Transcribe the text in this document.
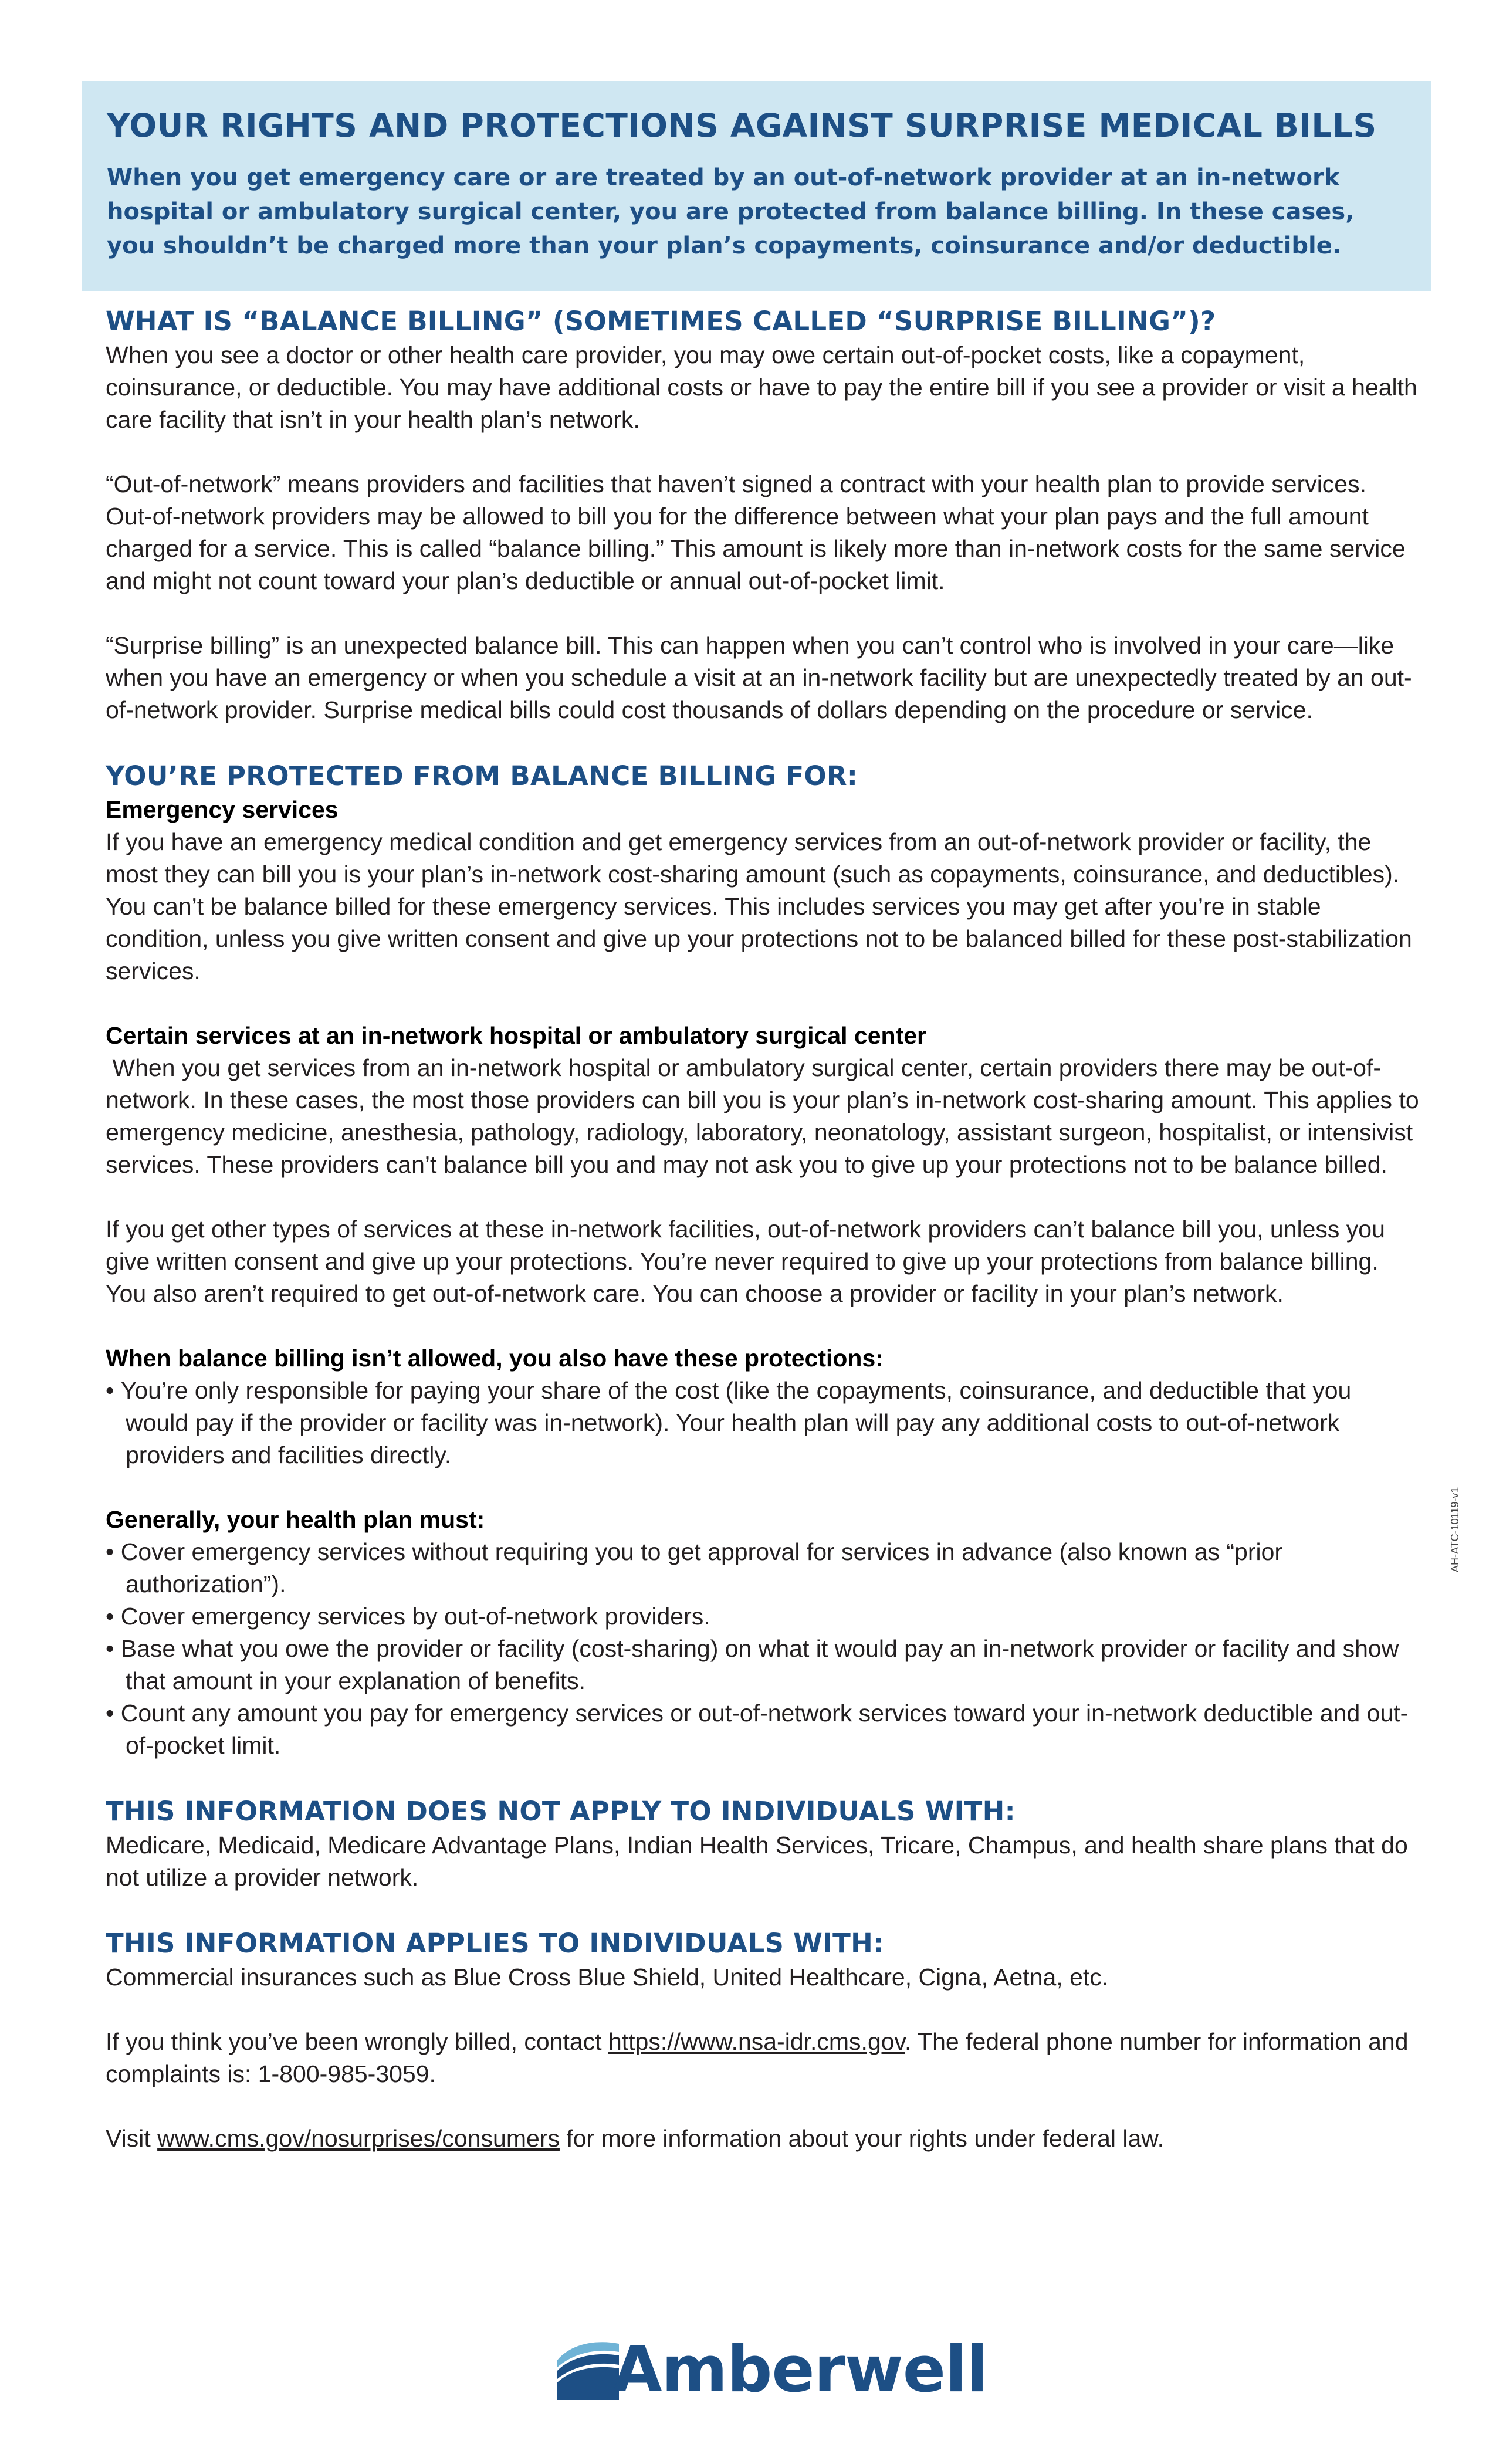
YOUR RIGHTS AND PROTECTIONS AGAINST SURPRISE MEDICAL BILLS

When you get emergency care or are treated by an out-of-network provider at an in-network hospital or ambulatory surgical center, you are protected from balance billing. In these cases, you shouldn’t be charged more than your plan’s copayments, coinsurance and/or deductible.

WHAT IS “BALANCE BILLING” (SOMETIMES CALLED “SURPRISE BILLING”)?

When you see a doctor or other health care provider, you may owe certain out-of-pocket costs, like a copayment, coinsurance, or deductible. You may have additional costs or have to pay the entire bill if you see a provider or visit a health care facility that isn’t in your health plan’s network.

“Out-of-network” means providers and facilities that haven’t signed a contract with your health plan to provide services. Out-of-network providers may be allowed to bill you for the difference between what your plan pays and the full amount charged for a service. This is called “balance billing.” This amount is likely more than in-network costs for the same service and might not count toward your plan’s deductible or annual out-of-pocket limit.

“Surprise billing” is an unexpected balance bill. This can happen when you can’t control who is involved in your care—like when you have an emergency or when you schedule a visit at an in-network facility but are unexpectedly treated by an out-of-network provider. Surprise medical bills could cost thousands of dollars depending on the procedure or service.

YOU’RE PROTECTED FROM BALANCE BILLING FOR:

Emergency services

If you have an emergency medical condition and get emergency services from an out-of-network provider or facility, the most they can bill you is your plan’s in-network cost-sharing amount (such as copayments, coinsurance, and deductibles). You can’t be balance billed for these emergency services. This includes services you may get after you’re in stable condition, unless you give written consent and give up your protections not to be balanced billed for these post-stabilization services.

Certain services at an in-network hospital or ambulatory surgical center

When you get services from an in-network hospital or ambulatory surgical center, certain providers there may be out-of-network. In these cases, the most those providers can bill you is your plan’s in-network cost-sharing amount. This applies to emergency medicine, anesthesia, pathology, radiology, laboratory, neonatology, assistant surgeon, hospitalist, or intensivist services. These providers can’t balance bill you and may not ask you to give up your protections not to be balance billed.

If you get other types of services at these in-network facilities, out-of-network providers can’t balance bill you, unless you give written consent and give up your protections. You’re never required to give up your protections from balance billing. You also aren’t required to get out-of-network care. You can choose a provider or facility in your plan’s network.

When balance billing isn’t allowed, you also have these protections:

• You’re only responsible for paying your share of the cost (like the copayments, coinsurance, and deductible that you would pay if the provider or facility was in-network). Your health plan will pay any additional costs to out-of-network providers and facilities directly.

Generally, your health plan must:

• Cover emergency services without requiring you to get approval for services in advance (also known as “prior authorization”).

• Cover emergency services by out-of-network providers.

• Base what you owe the provider or facility (cost-sharing) on what it would pay an in-network provider or facility and show that amount in your explanation of benefits.

• Count any amount you pay for emergency services or out-of-network services toward your in-network deductible and out-of-pocket limit.

THIS INFORMATION DOES NOT APPLY TO INDIVIDUALS WITH:

Medicare, Medicaid, Medicare Advantage Plans, Indian Health Services, Tricare, Champus, and health share plans that do not utilize a provider network.

THIS INFORMATION APPLIES TO INDIVIDUALS WITH:

Commercial insurances such as Blue Cross Blue Shield, United Healthcare, Cigna, Aetna, etc.

If you think you’ve been wrongly billed, contact https://www.nsa-idr.cms.gov. The federal phone number for information and complaints is: 1-800-985-3059.

Visit www.cms.gov/nosurprises/consumers for more information about your rights under federal law.

AH-ATC-10119-v1
Amberwell
